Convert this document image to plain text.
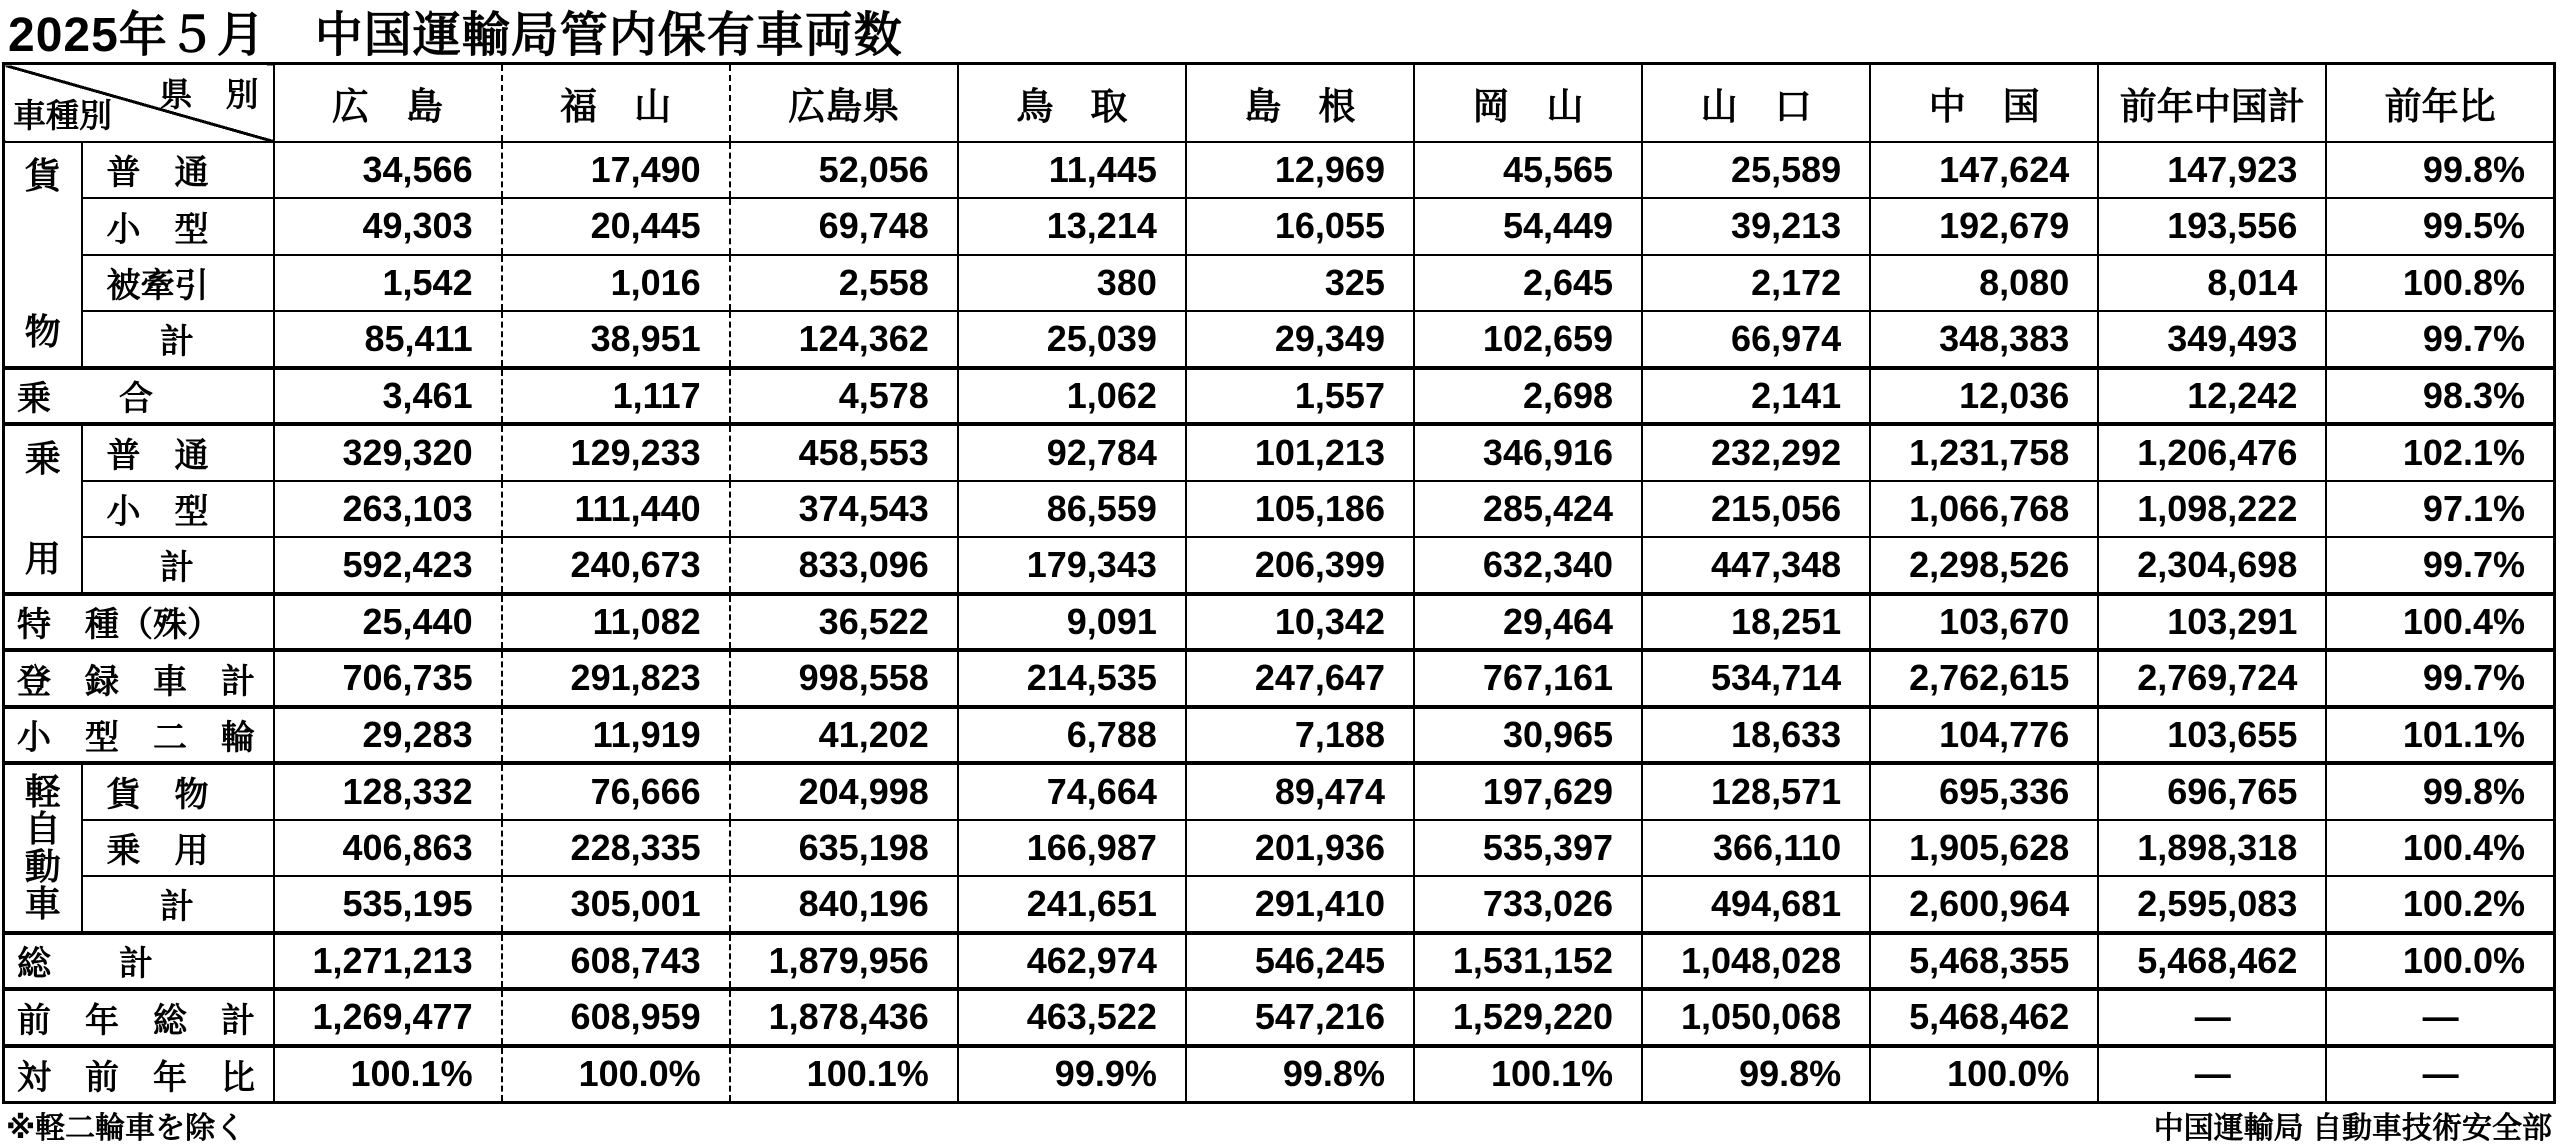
2025年５月　中国運輸局管内保有車両数
県　別
車種別		広　島	福　山	広島県	鳥　取	島　根	岡　山	山　口	中　国	前年中国計	前年比

貨
物	普　通	34,566	17,490	52,056	11,445	12,969	45,565	25,589	147,624	147,923	99.8%
	小　型	49,303	20,445	69,748	13,214	16,055	54,449	39,213	192,679	193,556	99.5%
	被牽引	1,542	1,016	2,558	380	325	2,645	2,172	8,080	8,014	100.8%
	計	85,411	38,951	124,362	25,039	29,349	102,659	66,974	348,383	349,493	99.7%
乗　　合		3,461	1,117	4,578	1,062	1,557	2,698	2,141	12,036	12,242	98.3%

乗
用	普　通	329,320	129,233	458,553	92,784	101,213	346,916	232,292	1,231,758	1,206,476	102.1%
	小　型	263,103	111,440	374,543	86,559	105,186	285,424	215,056	1,066,768	1,098,222	97.1%
	計	592,423	240,673	833,096	179,343	206,399	632,340	447,348	2,298,526	2,304,698	99.7%
特　種（殊）		25,440	11,082	36,522	9,091	10,342	29,464	18,251	103,670	103,291	100.4%
登　録　車　計		706,735	291,823	998,558	214,535	247,647	767,161	534,714	2,762,615	2,769,724	99.7%
小　型　二　輪		29,283	11,919	41,202	6,788	7,188	30,965	18,633	104,776	103,655	101.1%

軽
自
動
車	貨　物	128,332	76,666	204,998	74,664	89,474	197,629	128,571	695,336	696,765	99.8%
	乗　用	406,863	228,335	635,198	166,987	201,936	535,397	366,110	1,905,628	1,898,318	100.4%
	計	535,195	305,001	840,196	241,651	291,410	733,026	494,681	2,600,964	2,595,083	100.2%
総　　計		1,271,213	608,743	1,879,956	462,974	546,245	1,531,152	1,048,028	5,468,355	5,468,462	100.0%
前　年　総　計		1,269,477	608,959	1,878,436	463,522	547,216	1,529,220	1,050,068	5,468,462	—	—
対　前　年　比		100.1%	100.0%	100.1%	99.9%	99.8%	100.1%	99.8%	100.0%	—	—
※軽二輪車を除く	中国運輸局 自動車技術安全部
